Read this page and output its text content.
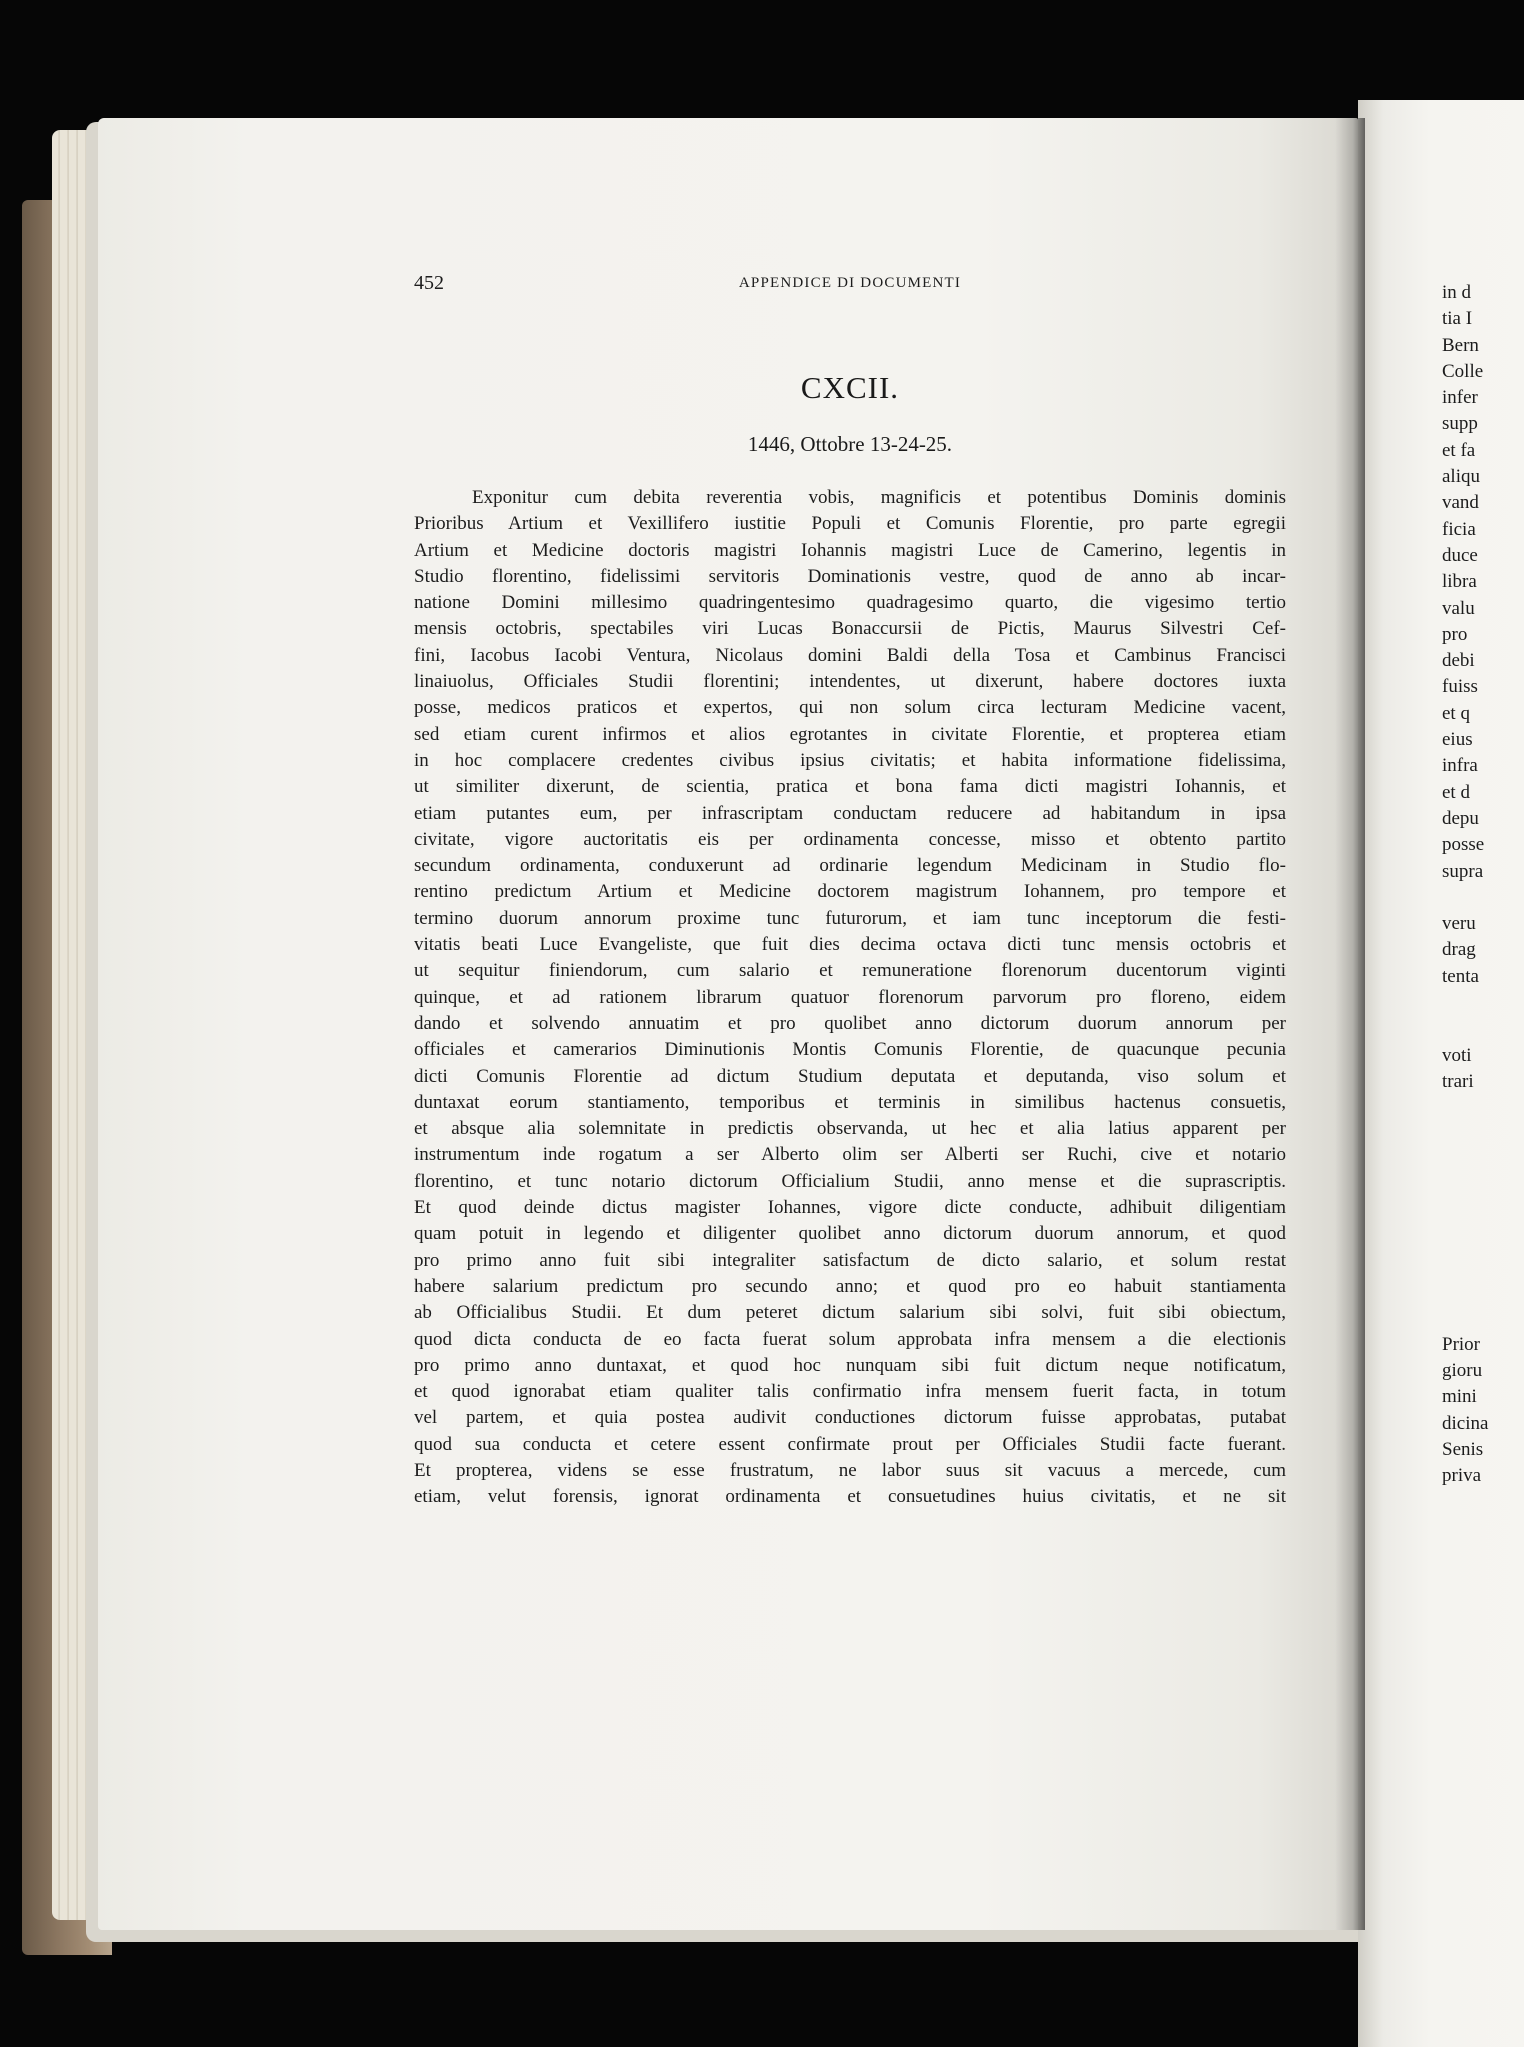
452	APPENDICE DI DOCUMENTI
CXCII.
1446, Ottobre 13-24-25.
Exponitur cum debita reverentia vobis, magnificis et potentibus Dominis dominis
Prioribus Artium et Vexillifero iustitie Populi et Comunis Florentie, pro parte egregii
Artium et Medicine doctoris magistri Iohannis magistri Luce de Camerino, legentis in
Studio florentino, fidelissimi servitoris Dominationis vestre, quod de anno ab incar-
natione Domini millesimo quadringentesimo quadragesimo quarto, die vigesimo tertio
mensis octobris, spectabiles viri Lucas Bonaccursii de Pictis, Maurus Silvestri Cef-
fini, Iacobus Iacobi Ventura, Nicolaus domini Baldi della Tosa et Cambinus Francisci
linaiuolus, Officiales Studii florentini; intendentes, ut dixerunt, habere doctores iuxta
posse, medicos praticos et expertos, qui non solum circa lecturam Medicine vacent,
sed etiam curent infirmos et alios egrotantes in civitate Florentie, et propterea etiam
in hoc complacere credentes civibus ipsius civitatis; et habita informatione fidelissima,
ut similiter dixerunt, de scientia, pratica et bona fama dicti magistri Iohannis, et
etiam putantes eum, per infrascriptam conductam reducere ad habitandum in ipsa
civitate, vigore auctoritatis eis per ordinamenta concesse, misso et obtento partito
secundum ordinamenta, conduxerunt ad ordinarie legendum Medicinam in Studio flo-
rentino predictum Artium et Medicine doctorem magistrum Iohannem, pro tempore et
termino duorum annorum proxime tunc futurorum, et iam tunc inceptorum die festi-
vitatis beati Luce Evangeliste, que fuit dies decima octava dicti tunc mensis octobris et
ut sequitur finiendorum, cum salario et remuneratione florenorum ducentorum viginti
quinque, et ad rationem librarum quatuor florenorum parvorum pro floreno, eidem
dando et solvendo annuatim et pro quolibet anno dictorum duorum annorum per
officiales et camerarios Diminutionis Montis Comunis Florentie, de quacunque pecunia
dicti Comunis Florentie ad dictum Studium deputata et deputanda, viso solum et
duntaxat eorum stantiamento, temporibus et terminis in similibus hactenus consuetis,
et absque alia solemnitate in predictis observanda, ut hec et alia latius apparent per
instrumentum inde rogatum a ser Alberto olim ser Alberti ser Ruchi, cive et notario
florentino, et tunc notario dictorum Officialium Studii, anno mense et die suprascriptis.
Et quod deinde dictus magister Iohannes, vigore dicte conducte, adhibuit diligentiam
quam potuit in legendo et diligenter quolibet anno dictorum duorum annorum, et quod
pro primo anno fuit sibi integraliter satisfactum de dicto salario, et solum restat
habere salarium predictum pro secundo anno; et quod pro eo habuit stantiamenta
ab Officialibus Studii. Et dum peteret dictum salarium sibi solvi, fuit sibi obiectum,
quod dicta conducta de eo facta fuerat solum approbata infra mensem a die electionis
pro primo anno duntaxat, et quod hoc nunquam sibi fuit dictum neque notificatum,
et quod ignorabat etiam qualiter talis confirmatio infra mensem fuerit facta, in totum
vel partem, et quia postea audivit conductiones dictorum fuisse approbatas, putabat
quod sua conducta et cetere essent confirmate prout per Officiales Studii facte fuerant.
Et propterea, videns se esse frustratum, ne labor suus sit vacuus a mercede, cum
etiam, velut forensis, ignorat ordinamenta et consuetudines huius civitatis, et ne sit
in d
tia I
Bern
Colle
infer
supp
et fa
aliqu
vand
ficia
duce
libra
valu
pro
debi
fuiss
et q
eius
infra
et d
depu
posse
supra
veru
drag
tenta
voti
trari
Prior
gioru
mini
dicina
Senis
priva
